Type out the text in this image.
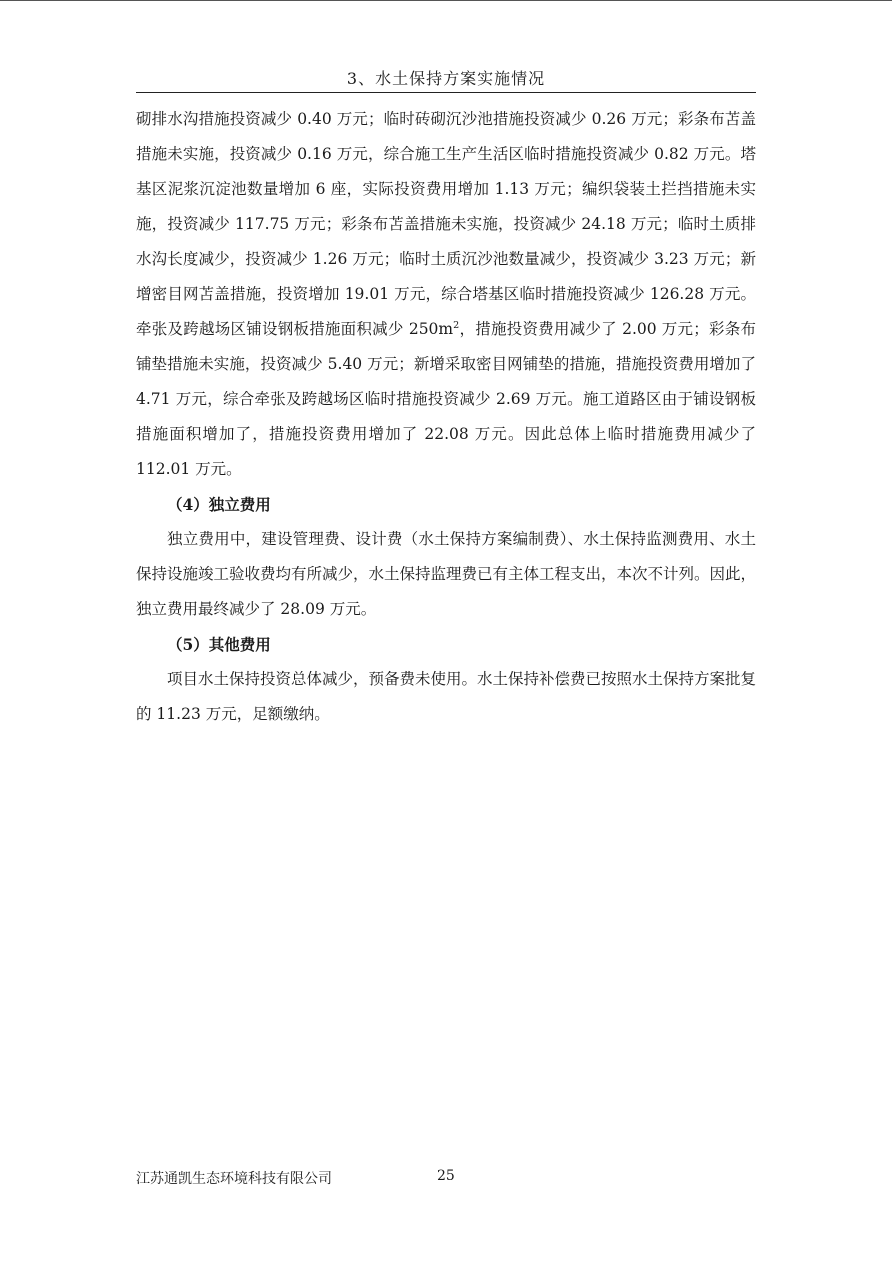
3、水土保持方案实施情况

砌排水沟措施投资减少 0.40 万元；临时砖砌沉沙池措施投资减少 0.26 万元；彩条布苫盖措施未实施，投资减少 0.16 万元，综合施工生产生活区临时措施投资减少 0.82 万元。塔基区泥浆沉淀池数量增加 6 座，实际投资费用增加 1.13 万元；编织袋装土拦挡措施未实施，投资减少 117.75 万元；彩条布苫盖措施未实施，投资减少 24.18 万元；临时土质排水沟长度减少，投资减少 1.26 万元；临时土质沉沙池数量减少，投资减少 3.23 万元；新增密目网苫盖措施，投资增加 19.01 万元，综合塔基区临时措施投资减少 126.28 万元。牵张及跨越场区铺设钢板措施面积减少 $250m^2$，措施投资费用减少了 2.00 万元；彩条布铺垫措施未实施，投资减少 5.40 万元；新增采取密目网铺垫的措施，措施投资费用增加了 4.71 万元，综合牵张及跨越场区临时措施投资减少 2.69 万元。施工道路区由于铺设钢板措施面积增加了，措施投资费用增加了 22.08 万元。因此总体上临时措施费用减少了 112.01 万元。

（4）独立费用

独立费用中，建设管理费、设计费（水土保持方案编制费）、水土保持监测费用、水土保持设施竣工验收费均有所减少，水土保持监理费已有主体工程支出，本次不计列。因此，独立费用最终减少了 28.09 万元。

（5）其他费用

项目水土保持投资总体减少，预备费未使用。水土保持补偿费已按照水土保持方案批复的 11.23 万元，足额缴纳。

江苏通凯生态环境科技有限公司	25
